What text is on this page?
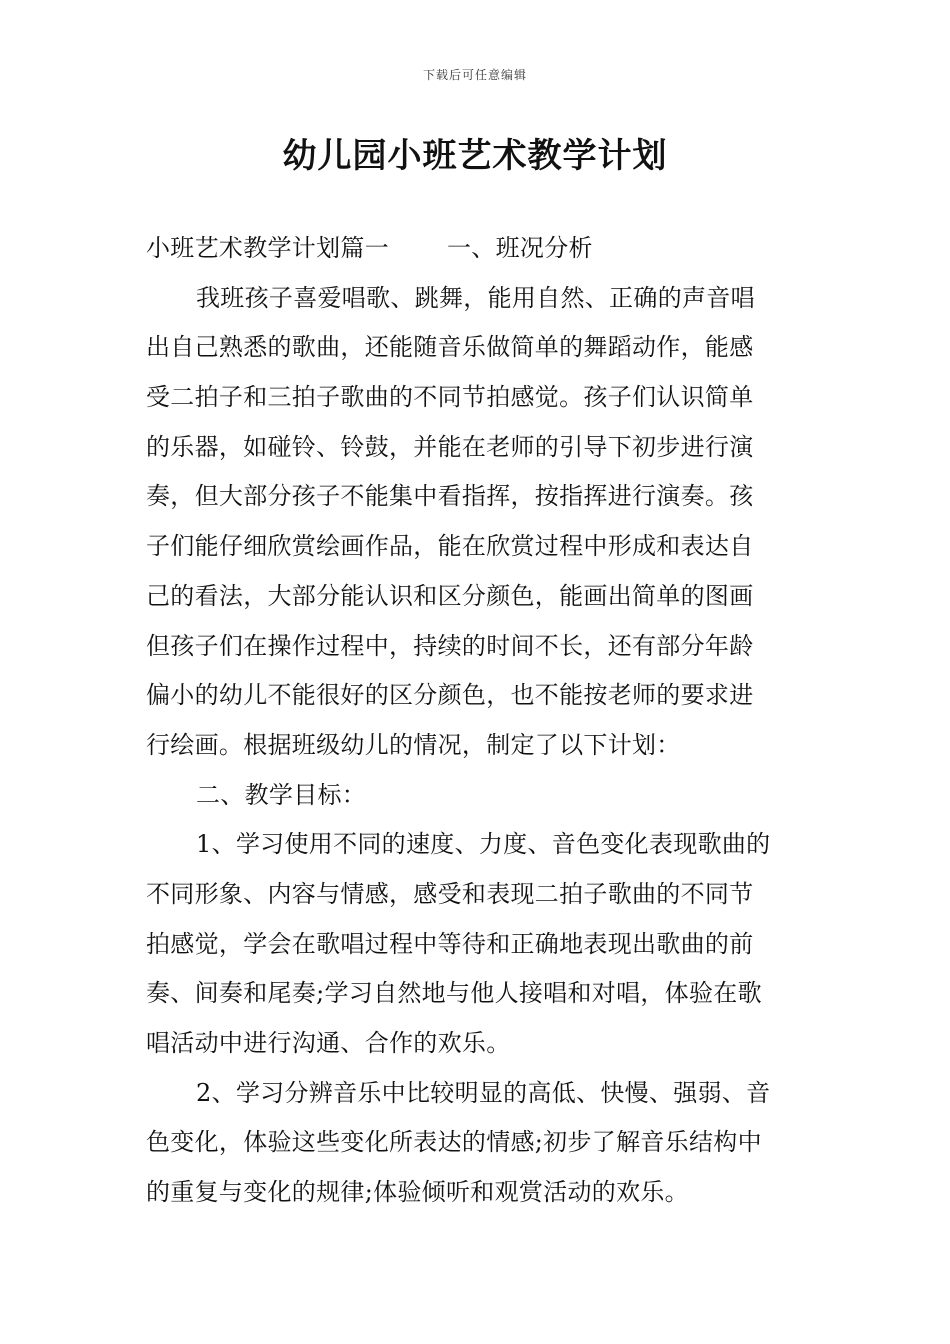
下载后可任意编辑
幼儿园小班艺术教学计划
小班艺术教学计划篇一 一、班况分析
我班孩子喜爱唱歌、跳舞，能用自然、正确的声音唱
出自己熟悉的歌曲，还能随音乐做简单的舞蹈动作，能感
受二拍子和三拍子歌曲的不同节拍感觉。孩子们认识简单
的乐器，如碰铃、铃鼓，并能在老师的引导下初步进行演
奏，但大部分孩子不能集中看指挥，按指挥进行演奏。孩
子们能仔细欣赏绘画作品，能在欣赏过程中形成和表达自
己的看法，大部分能认识和区分颜色，能画出简单的图画
但孩子们在操作过程中，持续的时间不长，还有部分年龄
偏小的幼儿不能很好的区分颜色，也不能按老师的要求进
行绘画。根据班级幼儿的情况，制定了以下计划：
二、教学目标：
1、学习使用不同的速度、力度、音色变化表现歌曲的
不同形象、内容与情感，感受和表现二拍子歌曲的不同节
拍感觉，学会在歌唱过程中等待和正确地表现出歌曲的前
奏、间奏和尾奏;学习自然地与他人接唱和对唱，体验在歌
唱活动中进行沟通、合作的欢乐。
2、学习分辨音乐中比较明显的高低、快慢、强弱、音
色变化，体验这些变化所表达的情感;初步了解音乐结构中
的重复与变化的规律;体验倾听和观赏活动的欢乐。
